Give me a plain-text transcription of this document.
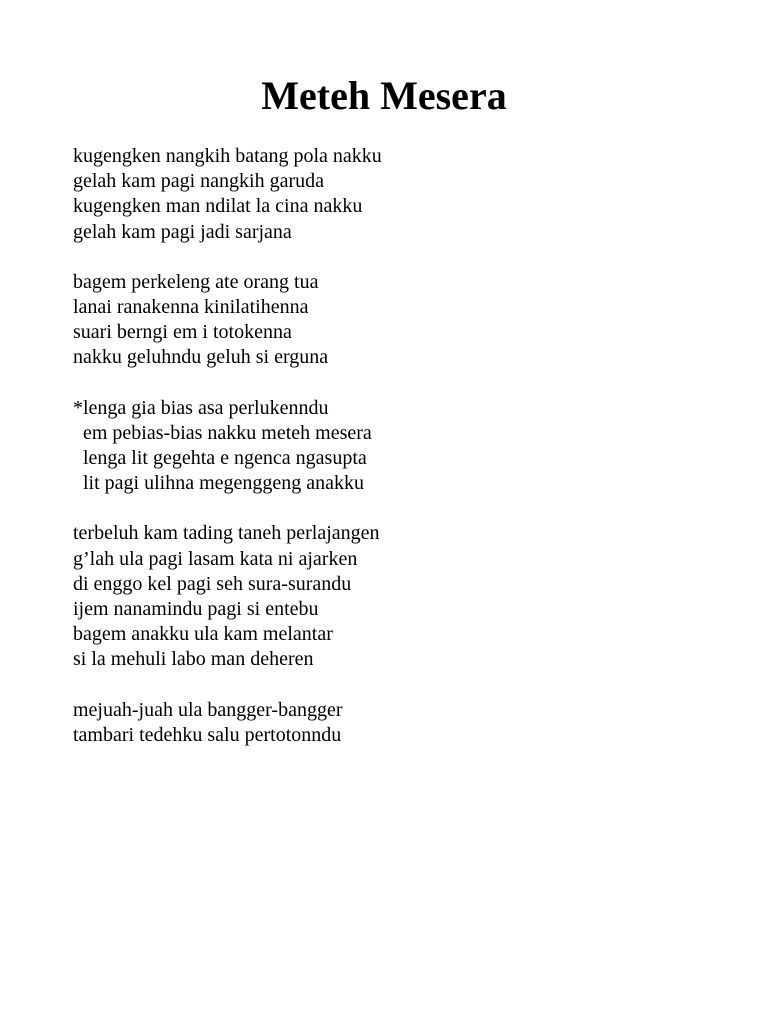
Meteh Mesera
kugengken nangkih batang pola nakku
gelah kam pagi nangkih garuda
kugengken man ndilat la cina nakku
gelah kam pagi jadi sarjana
bagem perkeleng ate orang tua
lanai ranakenna kinilatihenna
suari berngi em i totokenna
nakku geluhndu geluh si erguna
*lenga gia bias asa perlukenndu
em pebias-bias nakku meteh mesera
lenga lit gegehta e ngenca ngasupta
lit pagi ulihna megenggeng anakku
terbeluh kam tading taneh perlajangen
g’lah ula pagi lasam kata ni ajarken
di enggo kel pagi seh sura-surandu
ijem nanamindu pagi si entebu
bagem anakku ula kam melantar
si la mehuli labo man deheren
mejuah-juah ula bangger-bangger
tambari tedehku salu pertotonndu
